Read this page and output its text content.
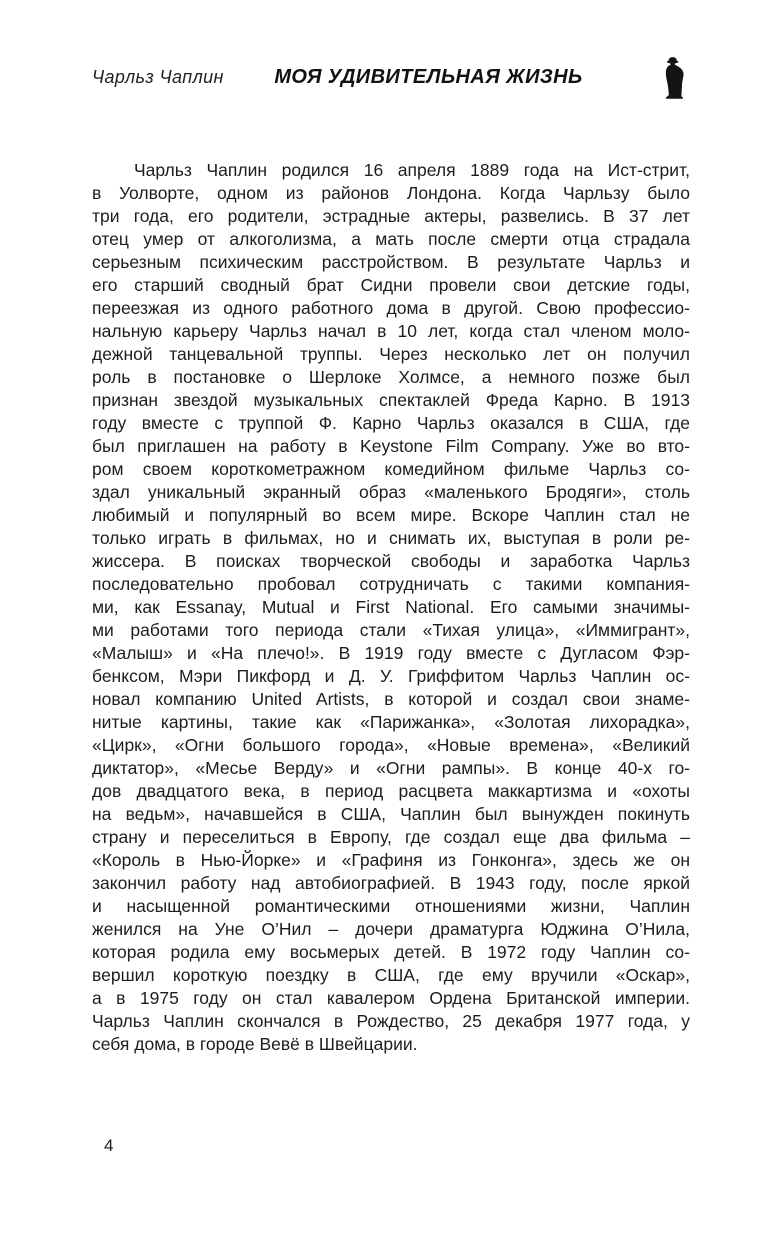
Чарльз Чаплин	МОЯ УДИВИТЕЛЬНАЯ ЖИЗНЬ
Чарльз Чаплин родился 16 апреля 1889 года на Ист-стрит,
в Уолворте, одном из районов Лондона. Когда Чарльзу было
три года, его родители, эстрадные актеры, развелись. В 37 лет
отец умер от алкоголизма, а мать после смерти отца страдала
серьезным психическим расстройством. В результате Чарльз и
его старший сводный брат Сидни провели свои детские годы,
переезжая из одного работного дома в другой. Свою профессио-
нальную карьеру Чарльз начал в 10 лет, когда стал членом моло-
дежной танцевальной труппы. Через несколько лет он получил
роль в постановке о Шерлоке Холмсе, а немного позже был
признан звездой музыкальных спектаклей Фреда Карно. В 1913
году вместе с труппой Ф. Карно Чарльз оказался в США, где
был приглашен на работу в Keystone Film Company. Уже во вто-
ром своем короткометражном комедийном фильме Чарльз со-
здал уникальный экранный образ «маленького Бродяги», столь
любимый и популярный во всем мире. Вскоре Чаплин стал не
только играть в фильмах, но и снимать их, выступая в роли ре-
жиссера. В поисках творческой свободы и заработка Чарльз
последовательно пробовал сотрудничать с такими компания-
ми, как Essanay, Mutual и First National. Его самыми значимы-
ми работами того периода стали «Тихая улица», «Иммигрант»,
«Малыш» и «На плечо!». В 1919 году вместе с Дугласом Фэр-
бенксом, Мэри Пикфорд и Д. У. Гриффитом Чарльз Чаплин ос-
новал компанию United Artists, в которой и создал свои знаме-
нитые картины, такие как «Парижанка», «Золотая лихорадка»,
«Цирк», «Огни большого города», «Новые времена», «Великий
диктатор», «Месье Верду» и «Огни рампы». В конце 40-х го-
дов двадцатого века, в период расцвета маккартизма и «охоты
на ведьм», начавшейся в США, Чаплин был вынужден покинуть
страну и переселиться в Европу, где создал еще два фильма –
«Король в Нью-Йорке» и «Графиня из Гонконга», здесь же он
закончил работу над автобиографией. В 1943 году, после яркой
и насыщенной романтическими отношениями жизни, Чаплин
женился на Уне О’Нил – дочери драматурга Юджина О’Нила,
которая родила ему восьмерых детей. В 1972 году Чаплин со-
вершил короткую поездку в США, где ему вручили «Оскар»,
а в 1975 году он стал кавалером Ордена Британской империи.
Чарльз Чаплин скончался в Рождество, 25 декабря 1977 года, у
себя дома, в городе Вевё в Швейцарии.
4
